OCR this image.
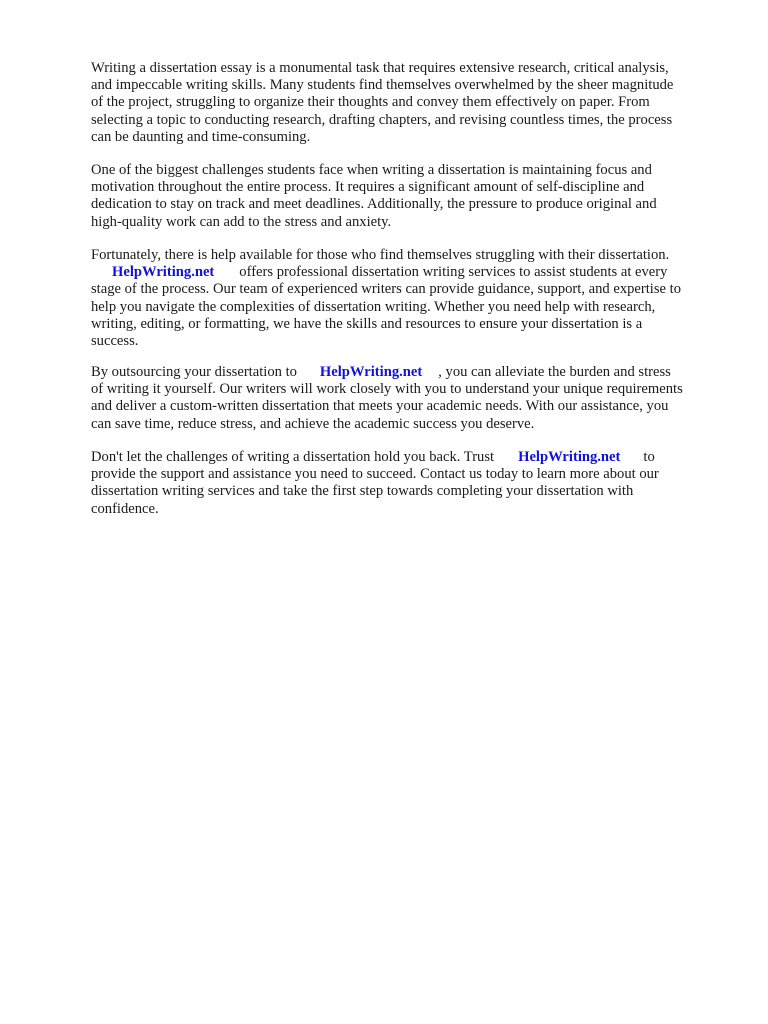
Writing a dissertation essay is a monumental task that requires extensive research, critical analysis,
and impeccable writing skills. Many students find themselves overwhelmed by the sheer magnitude
of the project, struggling to organize their thoughts and convey them effectively on paper. From
selecting a topic to conducting research, drafting chapters, and revising countless times, the process
can be daunting and time-consuming.
One of the biggest challenges students face when writing a dissertation is maintaining focus and
motivation throughout the entire process. It requires a significant amount of self-discipline and
dedication to stay on track and meet deadlines. Additionally, the pressure to produce original and
high-quality work can add to the stress and anxiety.
Fortunately, there is help available for those who find themselves struggling with their dissertation.
HelpWriting.net offers professional dissertation writing services to assist students at every
stage of the process. Our team of experienced writers can provide guidance, support, and expertise to
help you navigate the complexities of dissertation writing. Whether you need help with research,
writing, editing, or formatting, we have the skills and resources to ensure your dissertation is a
success.
By outsourcing your dissertation to HelpWriting.net , you can alleviate the burden and stress
of writing it yourself. Our writers will work closely with you to understand your unique requirements
and deliver a custom-written dissertation that meets your academic needs. With our assistance, you
can save time, reduce stress, and achieve the academic success you deserve.
Don't let the challenges of writing a dissertation hold you back. Trust HelpWriting.net to
provide the support and assistance you need to succeed. Contact us today to learn more about our
dissertation writing services and take the first step towards completing your dissertation with
confidence.
